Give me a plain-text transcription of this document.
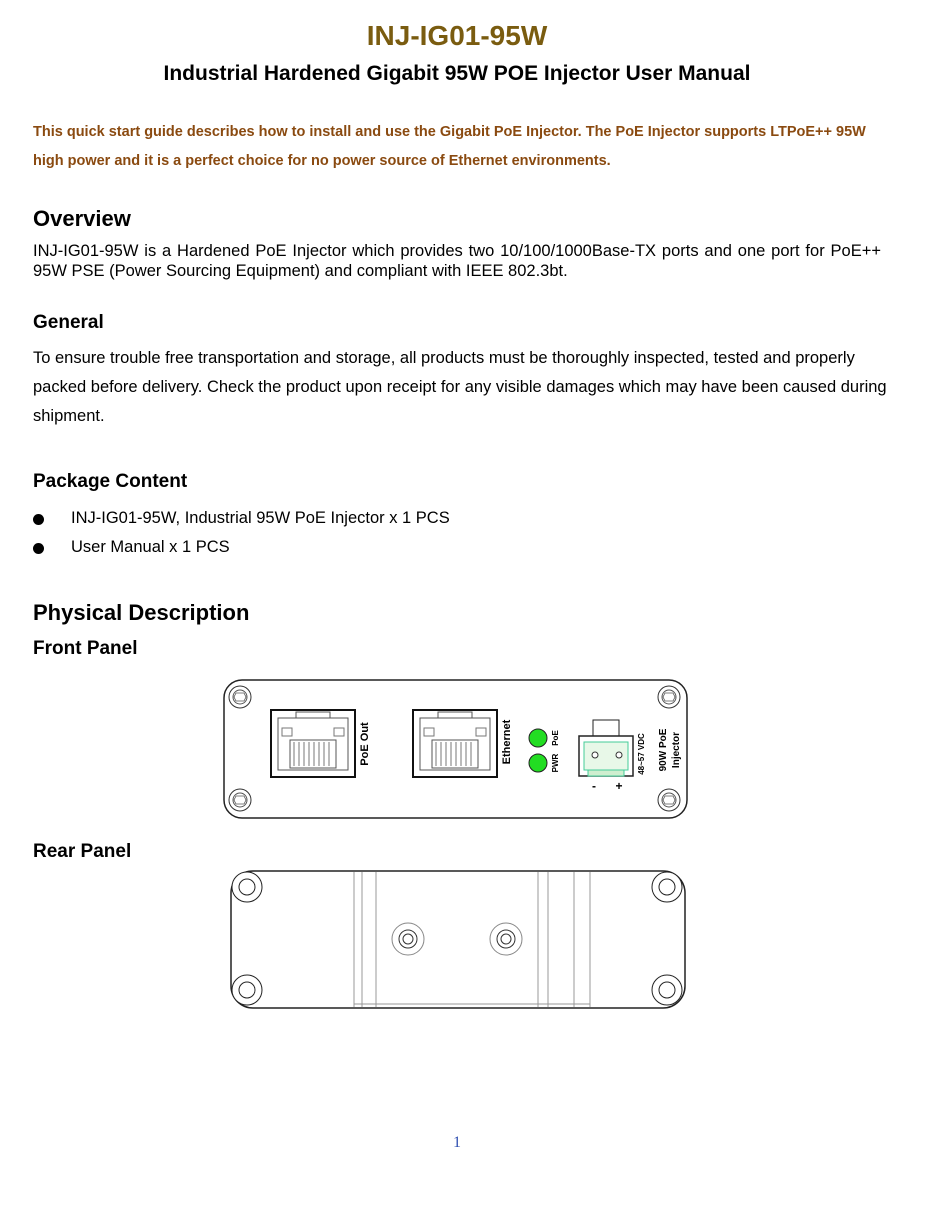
INJ-IG01-95W
Industrial Hardened Gigabit 95W POE Injector User Manual
This quick start guide describes how to install and use the Gigabit PoE Injector. The PoE Injector supports LTPoE++ 95W
high power and it is a perfect choice for no power source of Ethernet environments.
Overview
INJ-IG01-95W is a Hardened PoE Injector which provides two 10/100/1000Base-TX ports and one port for PoE++ 95W PSE (Power Sourcing Equipment) and compliant with IEEE 802.3bt.
General
To ensure trouble free transportation and storage, all products must be thoroughly inspected, tested and properly packed before delivery. Check the product upon receipt for any visible damages which may have been caused during shipment.
Package Content
INJ-IG01-95W, Industrial 95W PoE Injector x 1 PCS
User Manual x 1 PCS
Physical Description
Front Panel
PoE Out	Ethernet	PoE
PWR
- +
48~57 VDC 90W PoE Injector
Rear Panel
1
